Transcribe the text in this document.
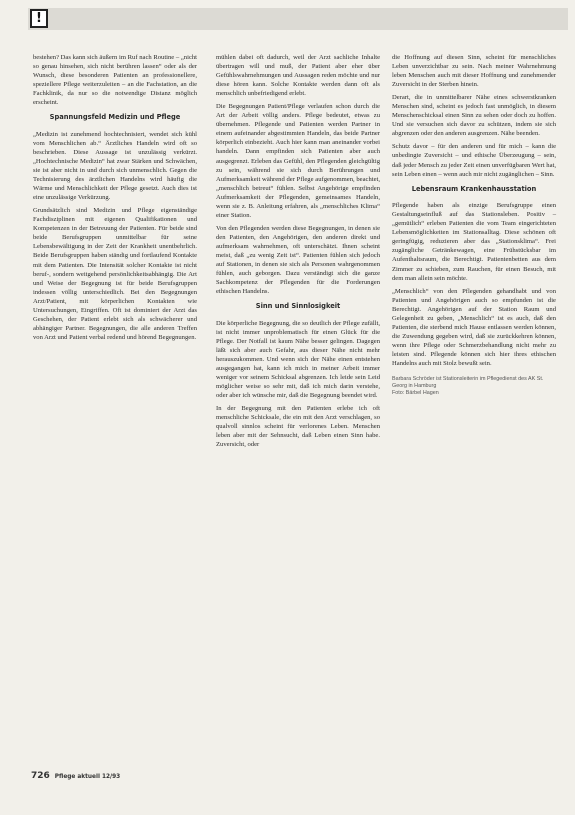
!

bestehen? Das kann sich äußern im Ruf nach Routine – „nicht so genau hinsehen, sich nicht berühren lassen“ oder als der Wunsch, diese besonderen Patienten an professionellere, speziellere Pflege weiterzuleiten – an die Fachstation, an die Fachklinik, da nur so die notwendige Distanz möglich erscheint.

Spannungsfeld Medizin und Pflege

„Medizin ist zunehmend hochtechnisiert, wendet sich kühl vom Menschlichen ab.“ Ärztliches Handeln wird oft so beschrieben. Diese Aussage ist unzulässig verkürzt. „Hochtechnische Medizin“ hat zwar Stärken und Schwächen, sie ist aber nicht in und durch sich unmenschlich. Gegen die Technisierung des ärztlichen Handelns wird häufig die Wärme und Menschlichkeit der Pflege gesetzt. Auch dies ist eine unzulässige Verkürzung.

Grundsätzlich sind Medizin und Pflege eigenständige Fachdisziplinen mit eigenen Qualifikationen und Kompetenzen in der Betreuung der Patienten. Für beide sind beide Berufsgruppen unmittelbar für seine Lebensbewältigung in der Zeit der Krankheit unentbehrlich. Beide Berufsgruppen haben ständig und fortlaufend Kontakte mit dem Patienten. Die Intensität solcher Kontakte ist nicht beruf-, sondern weitgehend persönlichkeitsabhängig. Die Art und Weise der Begegnung ist für beide Berufsgruppen indessen völlig unterschiedlich. Bei den Begegnungen Arzt/Patient, mit körperlichen Kontakten wie Untersuchungen, Eingriffen. Oft ist dominiert der Arzt das Geschehen, der Patient erlebt sich als schwächerer und abhängiger Partner. Begegnungen, die alle anderen Treffen von Arzt und Patient verbal redend und hörend Begegnungen.

mühlen dabei oft dadurch, weil der Arzt sachliche Inhalte übertragen will und muß, der Patient aber eher über Gefühlswahrnehmungen und Aussagen reden möchte und nur diese hören kann. Solche Kontakte werden dann oft als menschlich unbefriedigend erlebt.

Die Begegnungen Patient/Pflege verlaufen schon durch die Art der Arbeit völlig anders. Pflege bedeutet, etwas zu übernehmen. Pflegende und Patienten werden Partner in einem aufeinander abgestimmten Handeln, das beide Partner körperlich einbezieht. Auch hier kann man aneinander vorbei handeln. Dann empfinden sich Patienten aber auch ausgegrenzt. Erleben das Gefühl, den Pflegenden gleichgültig zu sein, während sie sich durch Berührungen und Aufmerksamkeit während der Pflege aufgenommen, beachtet, „menschlich betreut“ fühlen. Selbst Angehörige empfinden Aufmerksamkeit der Pflegenden, gemeinsames Handeln, wenn sie z. B. Anleitung erfahren, als „menschliches Klima“ einer Station.

Von den Pflegenden werden diese Begegnungen, in denen sie den Patienten, den Angehörigen, den anderen direkt und aufmerksam wahrnehmen, oft unterschätzt. Ihnen scheint meist, daß „zu wenig Zeit ist“. Patienten fühlen sich jedoch auf Stationen, in denen sie sich als Personen wahrgenommen fühlen, auch geborgen. Dazu verständigt sich die ganze Sachkompetenz der Pflegenden für die Forderungen ethischen Handelns.

Sinn und Sinnlosigkeit

Die körperliche Begegnung, die so deutlich der Pflege zufällt, ist nicht immer unproblematisch für einen Glück für die Pflege. Der Notfall ist kaum Nähe besser gelingen. Dagegen läßt sich aber auch Gefahr, aus dieser Nähe nicht mehr herauszukommen. Und wenn sich der Nähe einen entstehen ausgegangen hat, kann ich mich in meiner Arbeit immer weniger vor seinem Schicksal abgrenzen. Ich leide sein Leid möglicher weise so sehr mit, daß ich mich darin verstehe, oder aber ich wünsche mir, daß die Begegnung beendet wird.

In der Begegnung mit den Patienten erlebe ich oft menschliche Schicksale, die ein mit den Arzt verschlagen, so qualvoll sinnlos scheint für verlorenes Leben. Menschen leben aber mit der Sehnsucht, daß Leben einen Sinn habe. Zuversicht, oder

die Hoffnung auf diesen Sinn, scheint für menschliches Leben unverzichtbar zu sein. Nach meiner Wahrnehmung leben Menschen auch mit dieser Hoffnung und zunehmender Zuversicht in der Sterben hinein.

Derart, die in unmittelbarer Nähe eines schwerstkranken Menschen sind, scheint es jedoch fast unmöglich, in diesem Menschenschicksal einen Sinn zu sehen oder doch zu hoffen. Und sie versuchen sich davor zu schützen, indem sie sich abgrenzen oder den anderen ausgrenzen. Nähe beenden.

Schutz davor – für den anderen und für mich – kann die unbedingte Zuversicht – und ethische Überzeugung – sein, daß jeder Mensch zu jeder Zeit einen unverfügbaren Wert hat, sein Leben einen – wenn auch mir nicht zugänglichen – Sinn.

Lebensraum Krankenhausstation

Pflegende haben als einzige Berufsgruppe einen Gestaltungseinfluß auf das Stationsleben. Positiv – „gemütlich“ erleben Patienten die vom Team eingerichteten Lebensmöglichkeiten im Stationsalltag. Diese schönen oft geringfügig, reduzieren aber das „Stationsklima“. Frei zugängliche Getränkewagen, eine Frühstücksbar im Aufenthaltsraum, die Berechtigt. Patientenbetten aus dem Zimmer zu schieben, zum Rauchen, für einen Besuch, mit dem man allein sein möchte.

„Menschlich“ von den Pflegenden gehandhabt und von Patienten und Angehörigen auch so empfunden ist die Berechtigt. Angehörigen auf der Station Raum und Gelegenheit zu geben, „Menschlich“ ist es auch, daß den Patienten, die sterbend mich Hause entlassen werden können, die Zuwendung gegeben wird, daß sie zurückkehren können, wenn ihre Pflege oder Schmerzbehandlung nicht mehr zu leisten sind. Pflegende können sich hier ihres ethischen Handelns auch mit Stolz bewußt sein.

Barbara Schröder ist Stationsleiterin im Pflegedienst des AK St. Georg in Hamburg
Foto: Bärbel Hagen
726 Pflege aktuell 12/93
